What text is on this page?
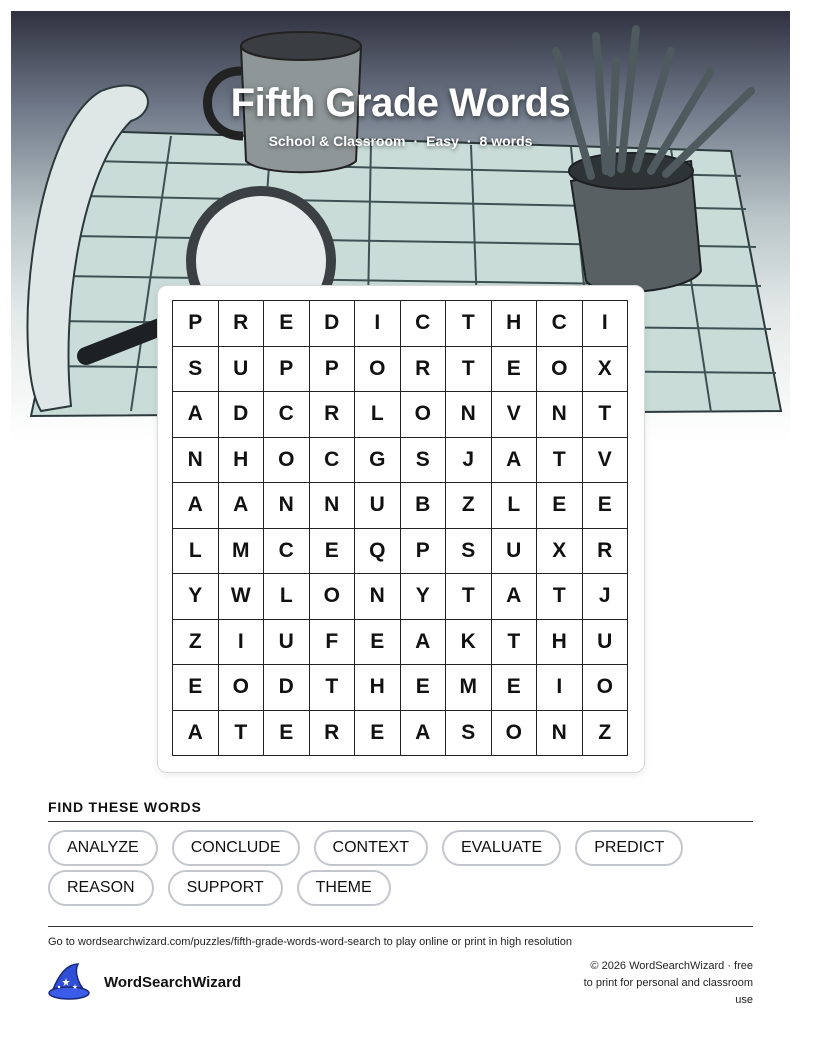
Fifth Grade Words
School & Classroom · Easy · 8 words
P	R	E	D	I	C	T	H	C	I
S	U	P	P	O	R	T	E	O	X
A	D	C	R	L	O	N	V	N	T
N	H	O	C	G	S	J	A	T	V
A	A	N	N	U	B	Z	L	E	E
L	M	C	E	Q	P	S	U	X	R
Y	W	L	O	N	Y	T	A	T	J
Z	I	U	F	E	A	K	T	H	U
E	O	D	T	H	E	M	E	I	O
A	T	E	R	E	A	S	O	N	Z
FIND THESE WORDS
ANALYZE	CONCLUDE	CONTEXT	EVALUATE	PREDICT
REASON	SUPPORT	THEME
Go to wordsearchwizard.com/puzzles/fifth-grade-words-word-search to play online or print in high resolution
WordSearchWizard
© 2026 WordSearchWizard · free to print for personal and classroom use
